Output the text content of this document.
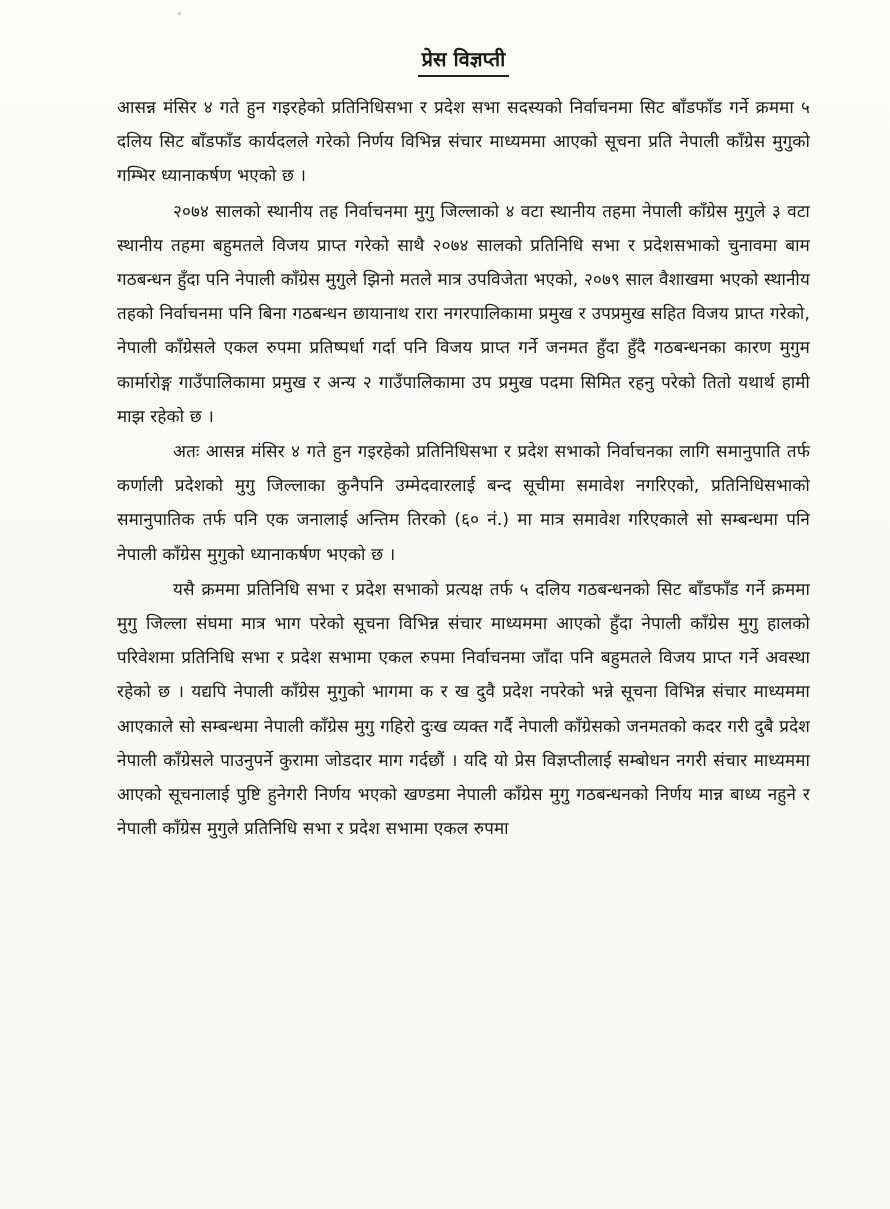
प्रेस विज्ञप्ती

आसन्न मंसिर ४ गते हुन गइरहेको प्रतिनिधिसभा र प्रदेश सभा सदस्यको निर्वाचनमा सिट बाँडफाँड गर्ने क्रममा ५ दलिय सिट बाँडफाँड कार्यदलले गरेको निर्णय विभिन्न संचार माध्यममा आएको सूचना प्रति नेपाली काँग्रेस मुगुको गम्भिर ध्यानाकर्षण भएको छ ।

२०७४ सालको स्थानीय तह निर्वाचनमा मुगु जिल्लाको ४ वटा स्थानीय तहमा नेपाली काँग्रेस मुगुले ३ वटा स्थानीय तहमा बहुमतले विजय प्राप्त गरेको साथै २०७४ सालको प्रतिनिधि सभा र प्रदेशसभाको चुनावमा बाम गठबन्धन हुँदा पनि नेपाली काँग्रेस मुगुले झिनो मतले मात्र उपविजेता भएको, २०७९ साल वैशाखमा भएको स्थानीय तहको निर्वाचनमा पनि बिना गठबन्धन छायानाथ रारा नगरपालिकामा प्रमुख र उपप्रमुख सहित विजय प्राप्त गरेको, नेपाली काँग्रेसले एकल रुपमा प्रतिष्पर्धा गर्दा पनि विजय प्राप्त गर्ने जनमत हुँदा हुँदै गठबन्धनका कारण मुगुम कार्मारोङ्ग गाउँपालिकामा प्रमुख र अन्य २ गाउँपालिकामा उप प्रमुख पदमा सिमित रहनु परेको तितो यथार्थ हामी माझ रहेको छ ।

अतः आसन्न मंसिर ४ गते हुन गइरहेको प्रतिनिधिसभा र प्रदेश सभाको निर्वाचनका लागि समानुपाति तर्फ कर्णाली प्रदेशको मुगु जिल्लाका कुनैपनि उम्मेदवारलाई बन्द सूचीमा समावेश नगरिएको, प्रतिनिधिसभाको समानुपातिक तर्फ पनि एक जनालाई अन्तिम तिरको (६० नं.) मा मात्र समावेश गरिएकाले सो सम्बन्धमा पनि नेपाली काँग्रेस मुगुको ध्यानाकर्षण भएको छ ।

यसै क्रममा प्रतिनिधि सभा र प्रदेश सभाको प्रत्यक्ष तर्फ ५ दलिय गठबन्धनको सिट बाँडफाँड गर्ने क्रममा मुगु जिल्ला संघमा मात्र भाग परेको सूचना विभिन्न संचार माध्यममा आएको हुँदा नेपाली काँग्रेस मुगु हालको परिवेशमा प्रतिनिधि सभा र प्रदेश सभामा एकल रुपमा निर्वाचनमा जाँदा पनि बहुमतले विजय प्राप्त गर्ने अवस्था रहेको छ । यद्यपि नेपाली काँग्रेस मुगुको भागमा क र ख दुवै प्रदेश नपरेको भन्ने सूचना विभिन्न संचार माध्यममा आएकाले सो सम्बन्धमा नेपाली काँग्रेस मुगु गहिरो दुःख व्यक्त गर्दै नेपाली काँग्रेसको जनमतको कदर गरी दुबै प्रदेश नेपाली काँग्रेसले पाउनुपर्ने कुरामा जोडदार माग गर्दछौं । यदि यो प्रेस विज्ञप्तीलाई सम्बोधन नगरी संचार माध्यममा आएको सूचनालाई पुष्टि हुनेगरी निर्णय भएको खण्डमा नेपाली काँग्रेस मुगु गठबन्धनको निर्णय मान्न बाध्य नहुने र नेपाली काँग्रेस मुगुले प्रतिनिधि सभा र प्रदेश सभामा एकल रुपमा
